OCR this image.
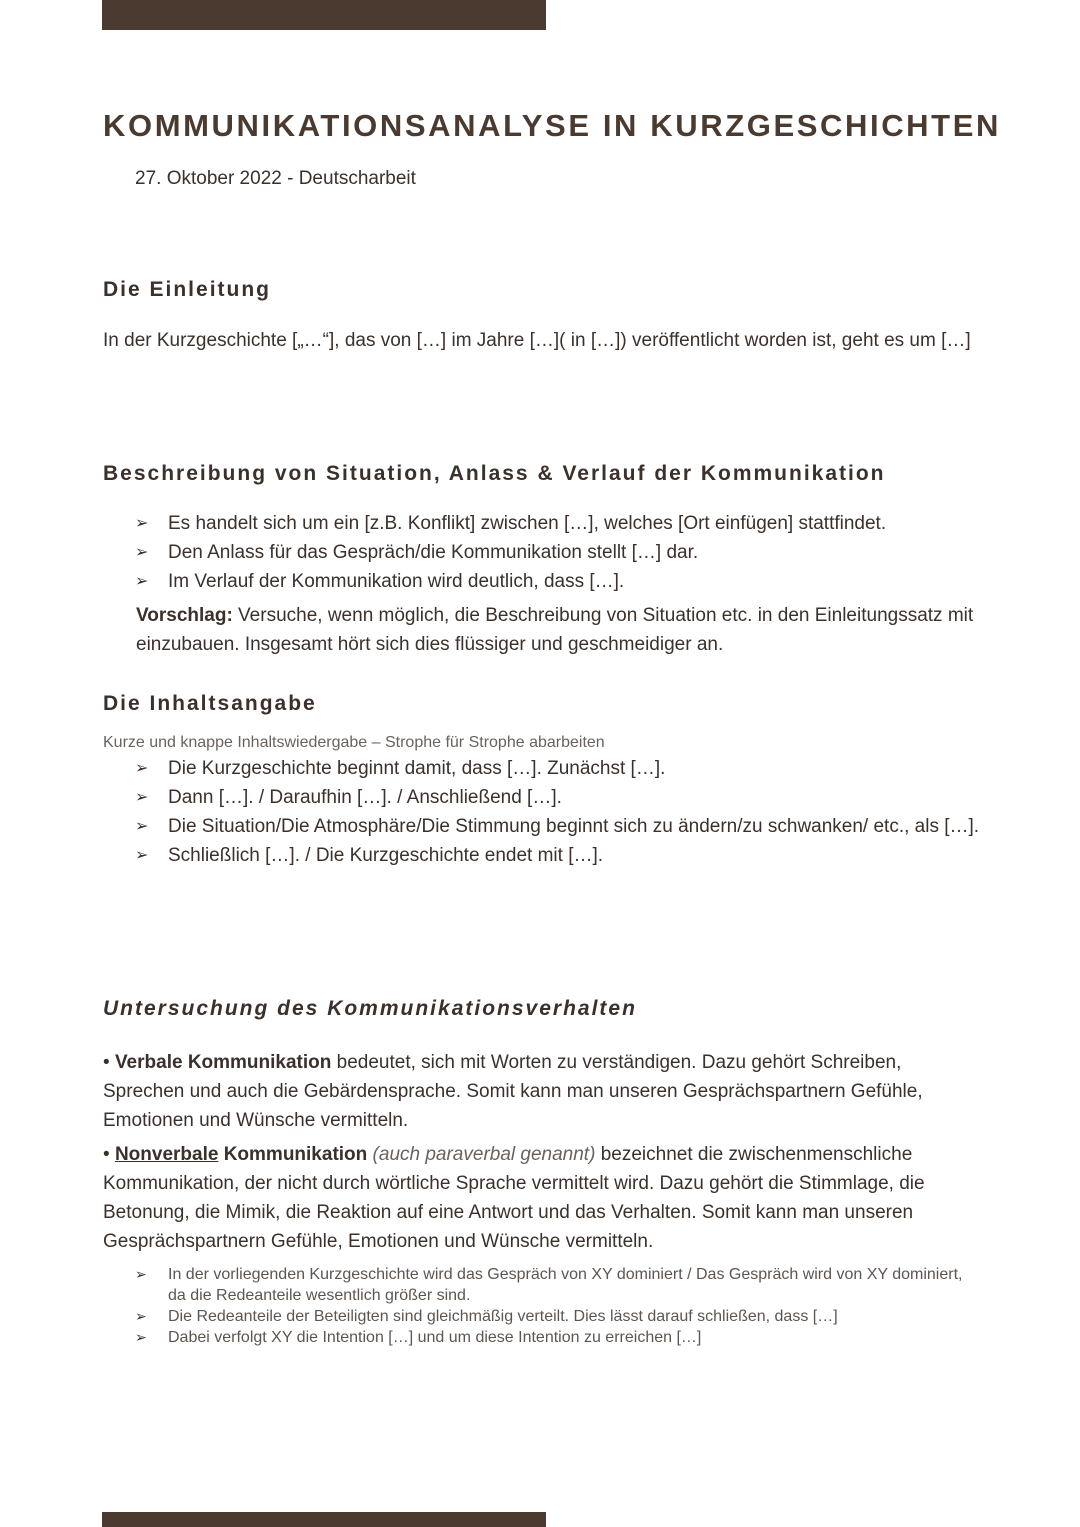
KOMMUNIKATIONSANALYSE IN KURZGESCHICHTEN
27. Oktober 2022 - Deutscharbeit
Die Einleitung

In der Kurzgeschichte [„…“], das von […] im Jahre […]( in […]) veröffentlicht worden ist, geht es um […]

Beschreibung von Situation, Anlass & Verlauf der Kommunikation
➢ Es handelt sich um ein [z.B. Konflikt] zwischen […], welches [Ort einfügen] stattfindet.
➢ Den Anlass für das Gespräch/die Kommunikation stellt […] dar.
➢ Im Verlauf der Kommunikation wird deutlich, dass […].

Vorschlag: Versuche, wenn möglich, die Beschreibung von Situation etc. in den Einleitungssatz mit einzubauen. Insgesamt hört sich dies flüssiger und geschmeidiger an.

Die Inhaltsangabe
Kurze und knappe Inhaltswiedergabe – Strophe für Strophe abarbeiten
➢ Die Kurzgeschichte beginnt damit, dass […]. Zunächst […].
➢ Dann […]. / Daraufhin […]. / Anschließend […].
➢ Die Situation/Die Atmosphäre/Die Stimmung beginnt sich zu ändern/zu schwanken/ etc., als […].
➢ Schließlich […]. / Die Kurzgeschichte endet mit […].
Untersuchung des Kommunikationsverhalten

• Verbale Kommunikation bedeutet, sich mit Worten zu verständigen. Dazu gehört Schreiben, Sprechen und auch die Gebärdensprache. Somit kann man unseren Gesprächspartnern Gefühle, Emotionen und Wünsche vermitteln.

• Nonverbale Kommunikation (auch paraverbal genannt) bezeichnet die zwischenmenschliche Kommunikation, der nicht durch wörtliche Sprache vermittelt wird. Dazu gehört die Stimmlage, die Betonung, die Mimik, die Reaktion auf eine Antwort und das Verhalten. Somit kann man unseren Gesprächspartnern Gefühle, Emotionen und Wünsche vermitteln.

➢ In der vorliegenden Kurzgeschichte wird das Gespräch von XY dominiert / Das Gespräch wird von XY dominiert, da die Redeanteile wesentlich größer sind.
➢ Die Redeanteile der Beteiligten sind gleichmäßig verteilt. Dies lässt darauf schließen, dass […]
➢ Dabei verfolgt XY die Intention […] und um diese Intention zu erreichen […]
